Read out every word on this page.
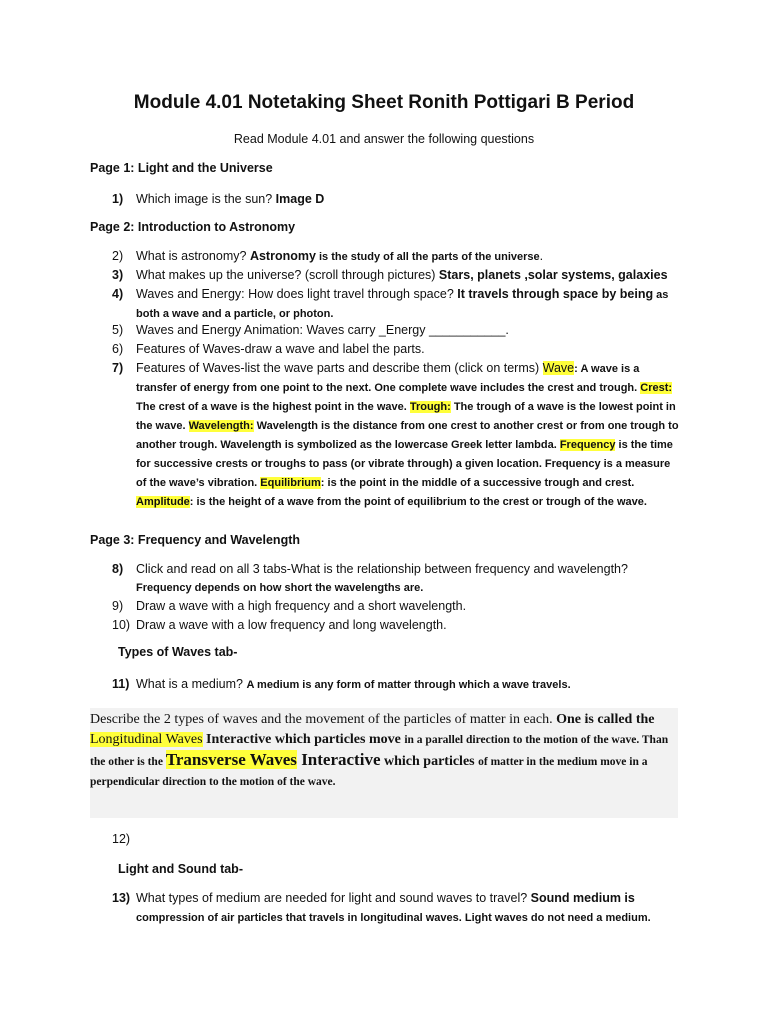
Module 4.01 Notetaking Sheet Ronith Pottigari B Period

Read Module 4.01 and answer the following questions

Page 1: Light and the Universe

1)	Which image is the sun? Image D

Page 2: Introduction to Astronomy

2)	What is astronomy? Astronomy is the study of all the parts of the universe.
3)	What makes up the universe? (scroll through pictures) Stars, planets ,solar systems, galaxies
4)	Waves and Energy: How does light travel through space? It travels through space by being as both a wave and a particle, or photon.
5)	Waves and Energy Animation: Waves carry _Energy ___________.
6)	Features of Waves-draw a wave and label the parts.
7)	Features of Waves-list the wave parts and describe them (click on terms) Wave: A wave is a transfer of energy from one point to the next. One complete wave includes the crest and trough. Crest: The crest of a wave is the highest point in the wave. Trough: The trough of a wave is the lowest point in the wave. Wavelength: Wavelength is the distance from one crest to another crest or from one trough to another trough. Wavelength is symbolized as the lowercase Greek letter lambda. Frequency is the time for successive crests or troughs to pass (or vibrate through) a given location. Frequency is a measure of the wave’s vibration. Equilibrium: is the point in the middle of a successive trough and crest. Amplitude: is the height of a wave from the point of equilibrium to the crest or trough of the wave.

Page 3: Frequency and Wavelength

8)	Click and read on all 3 tabs-What is the relationship between frequency and wavelength?
Frequency depends on how short the wavelengths are.
9)	Draw a wave with a high frequency and a short wavelength.
10) Draw a wave with a low frequency and long wavelength.

Types of Waves tab-

11) What is a medium? A medium is any form of matter through which a wave travels.
Describe the 2 types of waves and the movement of the particles of matter in each. One is called the Longitudinal Waves Interactive which particles move in a parallel direction to the motion of the wave. Than the other is the Transverse Waves Interactive which particles of matter in the medium move in a perpendicular direction to the motion of the wave.

12)

Light and Sound tab-

13) What types of medium are needed for light and sound waves to travel? Sound medium is compression of air particles that travels in longitudinal waves. Light waves do not need a medium.
